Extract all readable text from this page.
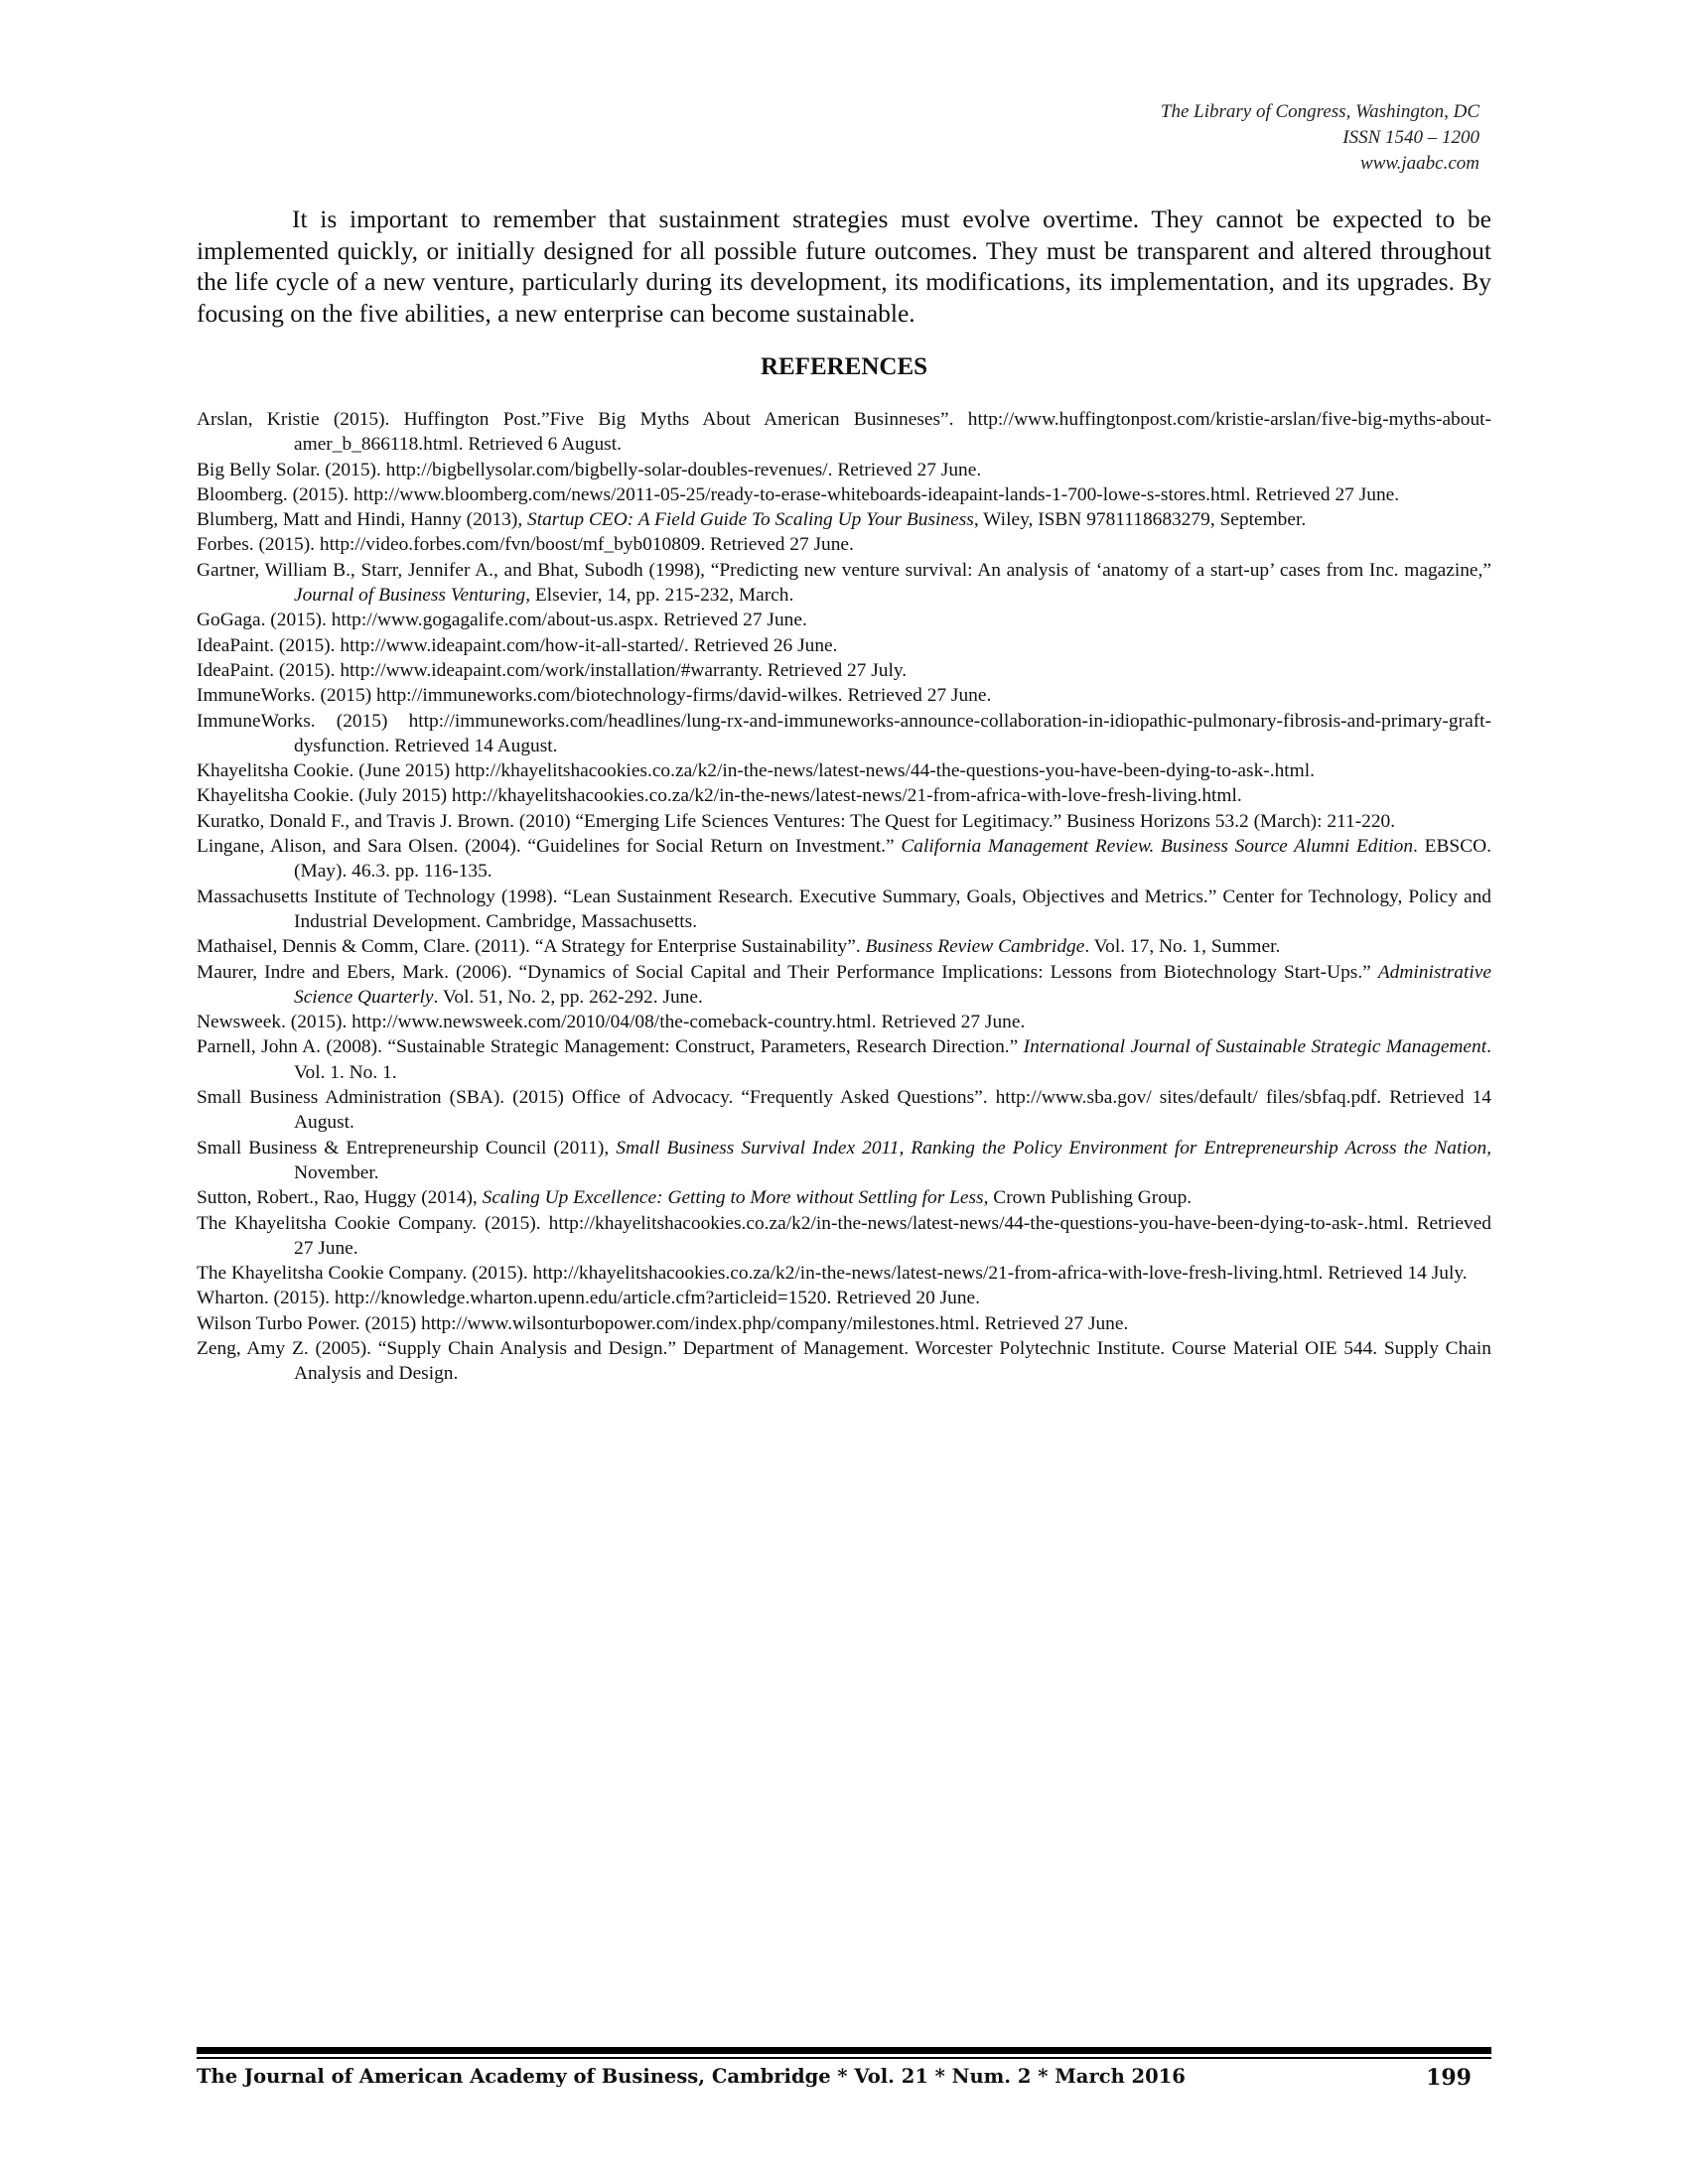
The Library of Congress, Washington, DC
ISSN 1540 – 1200
www.jaabc.com

It is important to remember that sustainment strategies must evolve overtime. They cannot be expected to be implemented quickly, or initially designed for all possible future outcomes. They must be transparent and altered throughout the life cycle of a new venture, particularly during its development, its modifications, its implementation, and its upgrades. By focusing on the five abilities, a new enterprise can become sustainable.

REFERENCES
Arslan, Kristie (2015). Huffington Post.”Five Big Myths About American Businneses”. http://www.huffingtonpost.com/kristie-arslan/five-big-myths-about-amer_b_866118.html. Retrieved 6 August.
Big Belly Solar. (2015). http://bigbellysolar.com/bigbelly-solar-doubles-revenues/. Retrieved 27 June.
Bloomberg. (2015). http://www.bloomberg.com/news/2011-05-25/ready-to-erase-whiteboards-ideapaint-lands-1-700-lowe-s-stores.html. Retrieved 27 June.
Blumberg, Matt and Hindi, Hanny (2013), Startup CEO: A Field Guide To Scaling Up Your Business, Wiley, ISBN 9781118683279, September.
Forbes. (2015). http://video.forbes.com/fvn/boost/mf_byb010809. Retrieved 27 June.
Gartner, William B., Starr, Jennifer A., and Bhat, Subodh (1998), “Predicting new venture survival: An analysis of ‘anatomy of a start-up’ cases from Inc. magazine,” Journal of Business Venturing, Elsevier, 14, pp. 215-232, March.
GoGaga. (2015). http://www.gogagalife.com/about-us.aspx. Retrieved 27 June.
IdeaPaint. (2015). http://www.ideapaint.com/how-it-all-started/. Retrieved 26 June.
IdeaPaint. (2015). http://www.ideapaint.com/work/installation/#warranty. Retrieved 27 July.
ImmuneWorks. (2015) http://immuneworks.com/biotechnology-firms/david-wilkes. Retrieved 27 June.
ImmuneWorks. (2015) http://immuneworks.com/headlines/lung-rx-and-immuneworks-announce-collaboration-in-idiopathic-pulmonary-fibrosis-and-primary-graft-dysfunction. Retrieved 14 August.
Khayelitsha Cookie. (June 2015) http://khayelitshacookies.co.za/k2/in-the-news/latest-news/44-the-questions-you-have-been-dying-to-ask-.html.
Khayelitsha Cookie. (July 2015) http://khayelitshacookies.co.za/k2/in-the-news/latest-news/21-from-africa-with-love-fresh-living.html.
Kuratko, Donald F., and Travis J. Brown. (2010) “Emerging Life Sciences Ventures: The Quest for Legitimacy.” Business Horizons 53.2 (March): 211-220.
Lingane, Alison, and Sara Olsen. (2004). “Guidelines for Social Return on Investment.” California Management Review. Business Source Alumni Edition. EBSCO. (May). 46.3. pp. 116-135.
Massachusetts Institute of Technology (1998). “Lean Sustainment Research. Executive Summary, Goals, Objectives and Metrics.” Center for Technology, Policy and Industrial Development. Cambridge, Massachusetts.
Mathaisel, Dennis & Comm, Clare. (2011). “A Strategy for Enterprise Sustainability”. Business Review Cambridge. Vol. 17, No. 1, Summer.
Maurer, Indre and Ebers, Mark. (2006). “Dynamics of Social Capital and Their Performance Implications: Lessons from Biotechnology Start-Ups.” Administrative Science Quarterly. Vol. 51, No. 2, pp. 262-292. June.
Newsweek. (2015). http://www.newsweek.com/2010/04/08/the-comeback-country.html. Retrieved 27 June.
Parnell, John A. (2008). “Sustainable Strategic Management: Construct, Parameters, Research Direction.” International Journal of Sustainable Strategic Management. Vol. 1. No. 1.
Small Business Administration (SBA). (2015) Office of Advocacy. “Frequently Asked Questions”. http://www.sba.gov/ sites/default/ files/sbfaq.pdf. Retrieved 14 August.
Small Business & Entrepreneurship Council (2011), Small Business Survival Index 2011, Ranking the Policy Environment for Entrepreneurship Across the Nation, November.
Sutton, Robert., Rao, Huggy (2014), Scaling Up Excellence: Getting to More without Settling for Less, Crown Publishing Group.
The Khayelitsha Cookie Company. (2015). http://khayelitshacookies.co.za/k2/in-the-news/latest-news/44-the-questions-you-have-been-dying-to-ask-.html. Retrieved 27 June.
The Khayelitsha Cookie Company. (2015). http://khayelitshacookies.co.za/k2/in-the-news/latest-news/21-from-africa-with-love-fresh-living.html. Retrieved 14 July.
Wharton. (2015). http://knowledge.wharton.upenn.edu/article.cfm?articleid=1520. Retrieved 20 June.
Wilson Turbo Power. (2015) http://www.wilsonturbopower.com/index.php/company/milestones.html. Retrieved 27 June.
Zeng, Amy Z. (2005). “Supply Chain Analysis and Design.” Department of Management. Worcester Polytechnic Institute. Course Material OIE 544. Supply Chain Analysis and Design.
The Journal of American Academy of Business, Cambridge * Vol. 21 * Num. 2 * March 2016	199
